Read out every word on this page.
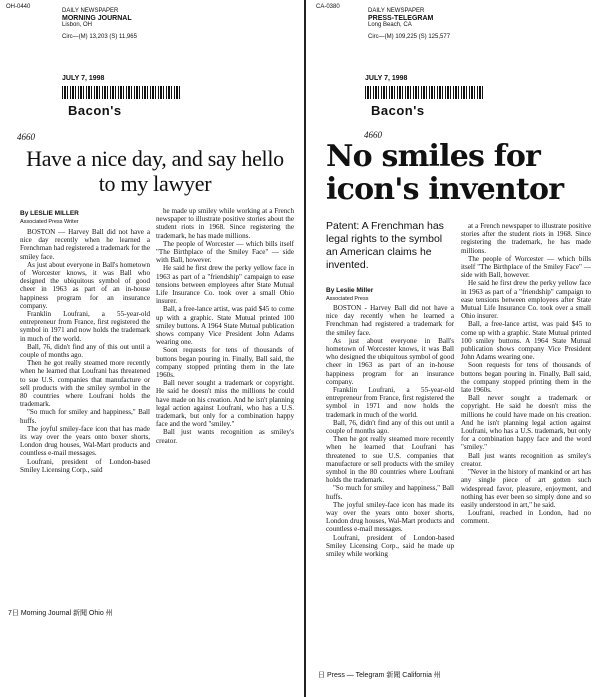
OH-0440
DAILY NEWSPAPER
MORNING JOURNAL
Lisbon, OH
Circ—(M) 13,203 (S) 11,965
JULY 7, 1998
Bacon's
4660
Have a nice day, and say hello to my lawyer
By LESLIE MILLER
Associated Press Writer

BOSTON — Harvey Ball did not have a nice day recently when he learned a Frenchman had registered a trademark for the smiley face.

As just about everyone in Ball's hometown of Worcester knows, it was Ball who designed the ubiquitous symbol of good cheer in 1963 as part of an in-house happiness program for an insurance company.

Franklin Loufrani, a 55-year-old entrepreneur from France, first registered the symbol in 1971 and now holds the trademark in much of the world.

Ball, 76, didn't find any of this out until a couple of months ago.

Then he got really steamed more recently when he learned that Loufrani has threatened to sue U.S. companies that manufacture or sell products with the smiley symbol in the 80 countries where Loufrani holds the trademark.

"So much for smiley and happiness," Ball huffs.

The joyful smiley-face icon that has made its way over the years onto boxer shorts, London drug houses, Wal-Mart products and countless e-mail messages.

Loufrani, president of London-based Smiley Licensing Corp., said

he made up smiley while working at a French newspaper to illustrate positive stories about the student riots in 1968. Since registering the trademark, he has made millions.

The people of Worcester — which bills itself "The Birthplace of the Smiley Face" — side with Ball, however.

He said he first drew the perky yellow face in 1963 as part of a "friendship" campaign to ease tensions between employees after State Mutual Life Insurance Co. took over a small Ohio insurer.

Ball, a free-lance artist, was paid $45 to come up with a graphic. State Mutual printed 100 smiley buttons. A 1964 State Mutual publication shows company Vice President John Adams wearing one.

Soon requests for tens of thousands of buttons began pouring in. Finally, Ball said, the company stopped printing them in the late 1960s.

Ball never sought a trademark or copyright. He said he doesn't miss the millions he could have made on his creation. And he isn't planning legal action against Loufrani, who has a U.S. trademark, but only for a combination happy face and the word "smiley."

Ball just wants recognition as smiley's creator.

7日 Morning Journal 新聞 Ohio 州
CA-0380
DAILY NEWSPAPER
PRESS-TELEGRAM
Long Beach, CA
Circ—(M) 109,225 (S) 125,577
JULY 7, 1998
Bacon's
4660
No smiles for icon's inventor
Patent: A Frenchman has legal rights to the symbol an American claims he invented.
By Leslie Miller
Associated Press

BOSTON - Harvey Ball did not have a nice day recently when he learned a Frenchman had registered a trademark for the smiley face.

As just about everyone in Ball's hometown of Worcester knows, it was Ball who designed the ubiquitous symbol of good cheer in 1963 as part of an in-house happiness program for an insurance company.

Franklin Loufrani, a 55-year-old entrepreneur from France, first registered the symbol in 1971 and now holds the trademark in much of the world.

Ball, 76, didn't find any of this out until a couple of months ago.

Then he got really steamed more recently when he learned that Loufrani has threatened to sue U.S. companies that manufacture or sell products with the smiley symbol in the 80 countries where Loufrani holds the trademark.

"So much for smiley and happiness," Ball huffs.

The joyful smiley-face icon has made its way over the years onto boxer shorts, London drug houses, Wal-Mart products and countless e-mail messages.

Loufrani, president of London-based Smiley Licensing Corp., said he made up smiley while working

at a French newspaper to illustrate positive stories after the student riots in 1968. Since registering the trademark, he has made millions.

The people of Worcester — which bills itself "The Birthplace of the Smiley Face" — side with Ball, however.

He said he first drew the perky yellow face in 1963 as part of a "friendship" campaign to ease tensions between employees after State Mutual Life Insurance Co. took over a small Ohio insurer.

Ball, a free-lance artist, was paid $45 to come up with a graphic. State Mutual printed 100 smiley buttons. A 1964 State Mutual publication shows company Vice President John Adams wearing one.

Soon requests for tens of thousands of buttons began pouring in. Finally, Ball said, the company stopped printing them in the late 1960s.

Ball never sought a trademark or copyright. He said he doesn't miss the millions he could have made on his creation. And he isn't planning legal action against Loufrani, who has a U.S. trademark, but only for a combination happy face and the word "smiley."

Ball just wants recognition as smiley's creator.

"Never in the history of mankind or art has any single piece of art gotten such widespread favor, pleasure, enjoyment, and nothing has ever been so simply done and so easily understood in art," he said.

Loufrani, reached in London, had no comment.

日 Press — Telegram 新聞 California 州
